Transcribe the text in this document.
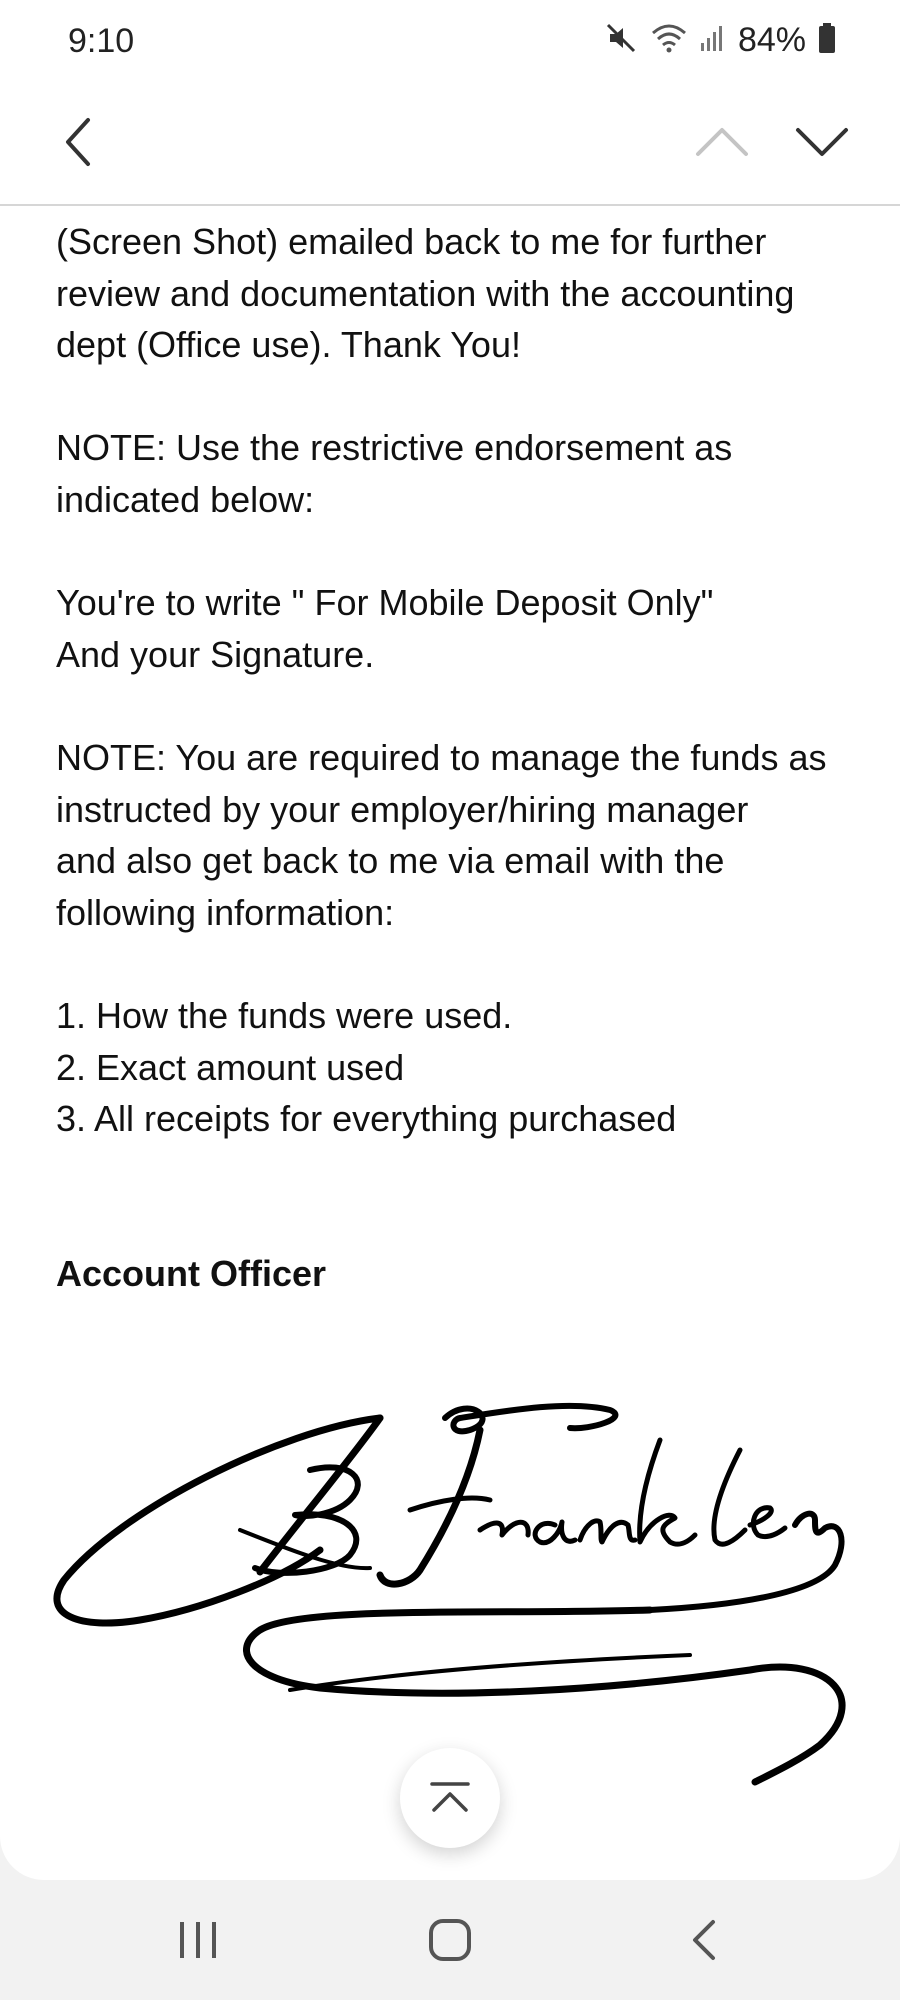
9:10	84%

(Screen Shot) emailed back to me for further

review and documentation with the accounting

dept (Office use). Thank You!

NOTE: Use the restrictive endorsement as

indicated below:

You're to write " For Mobile Deposit Only"

And your Signature.

NOTE: You are required to manage the funds as

instructed by your employer/hiring manager

and also get back to me via email with the

following information:

1. How the funds were used.

2. Exact amount used

3. All receipts for everything purchased

Account Officer
